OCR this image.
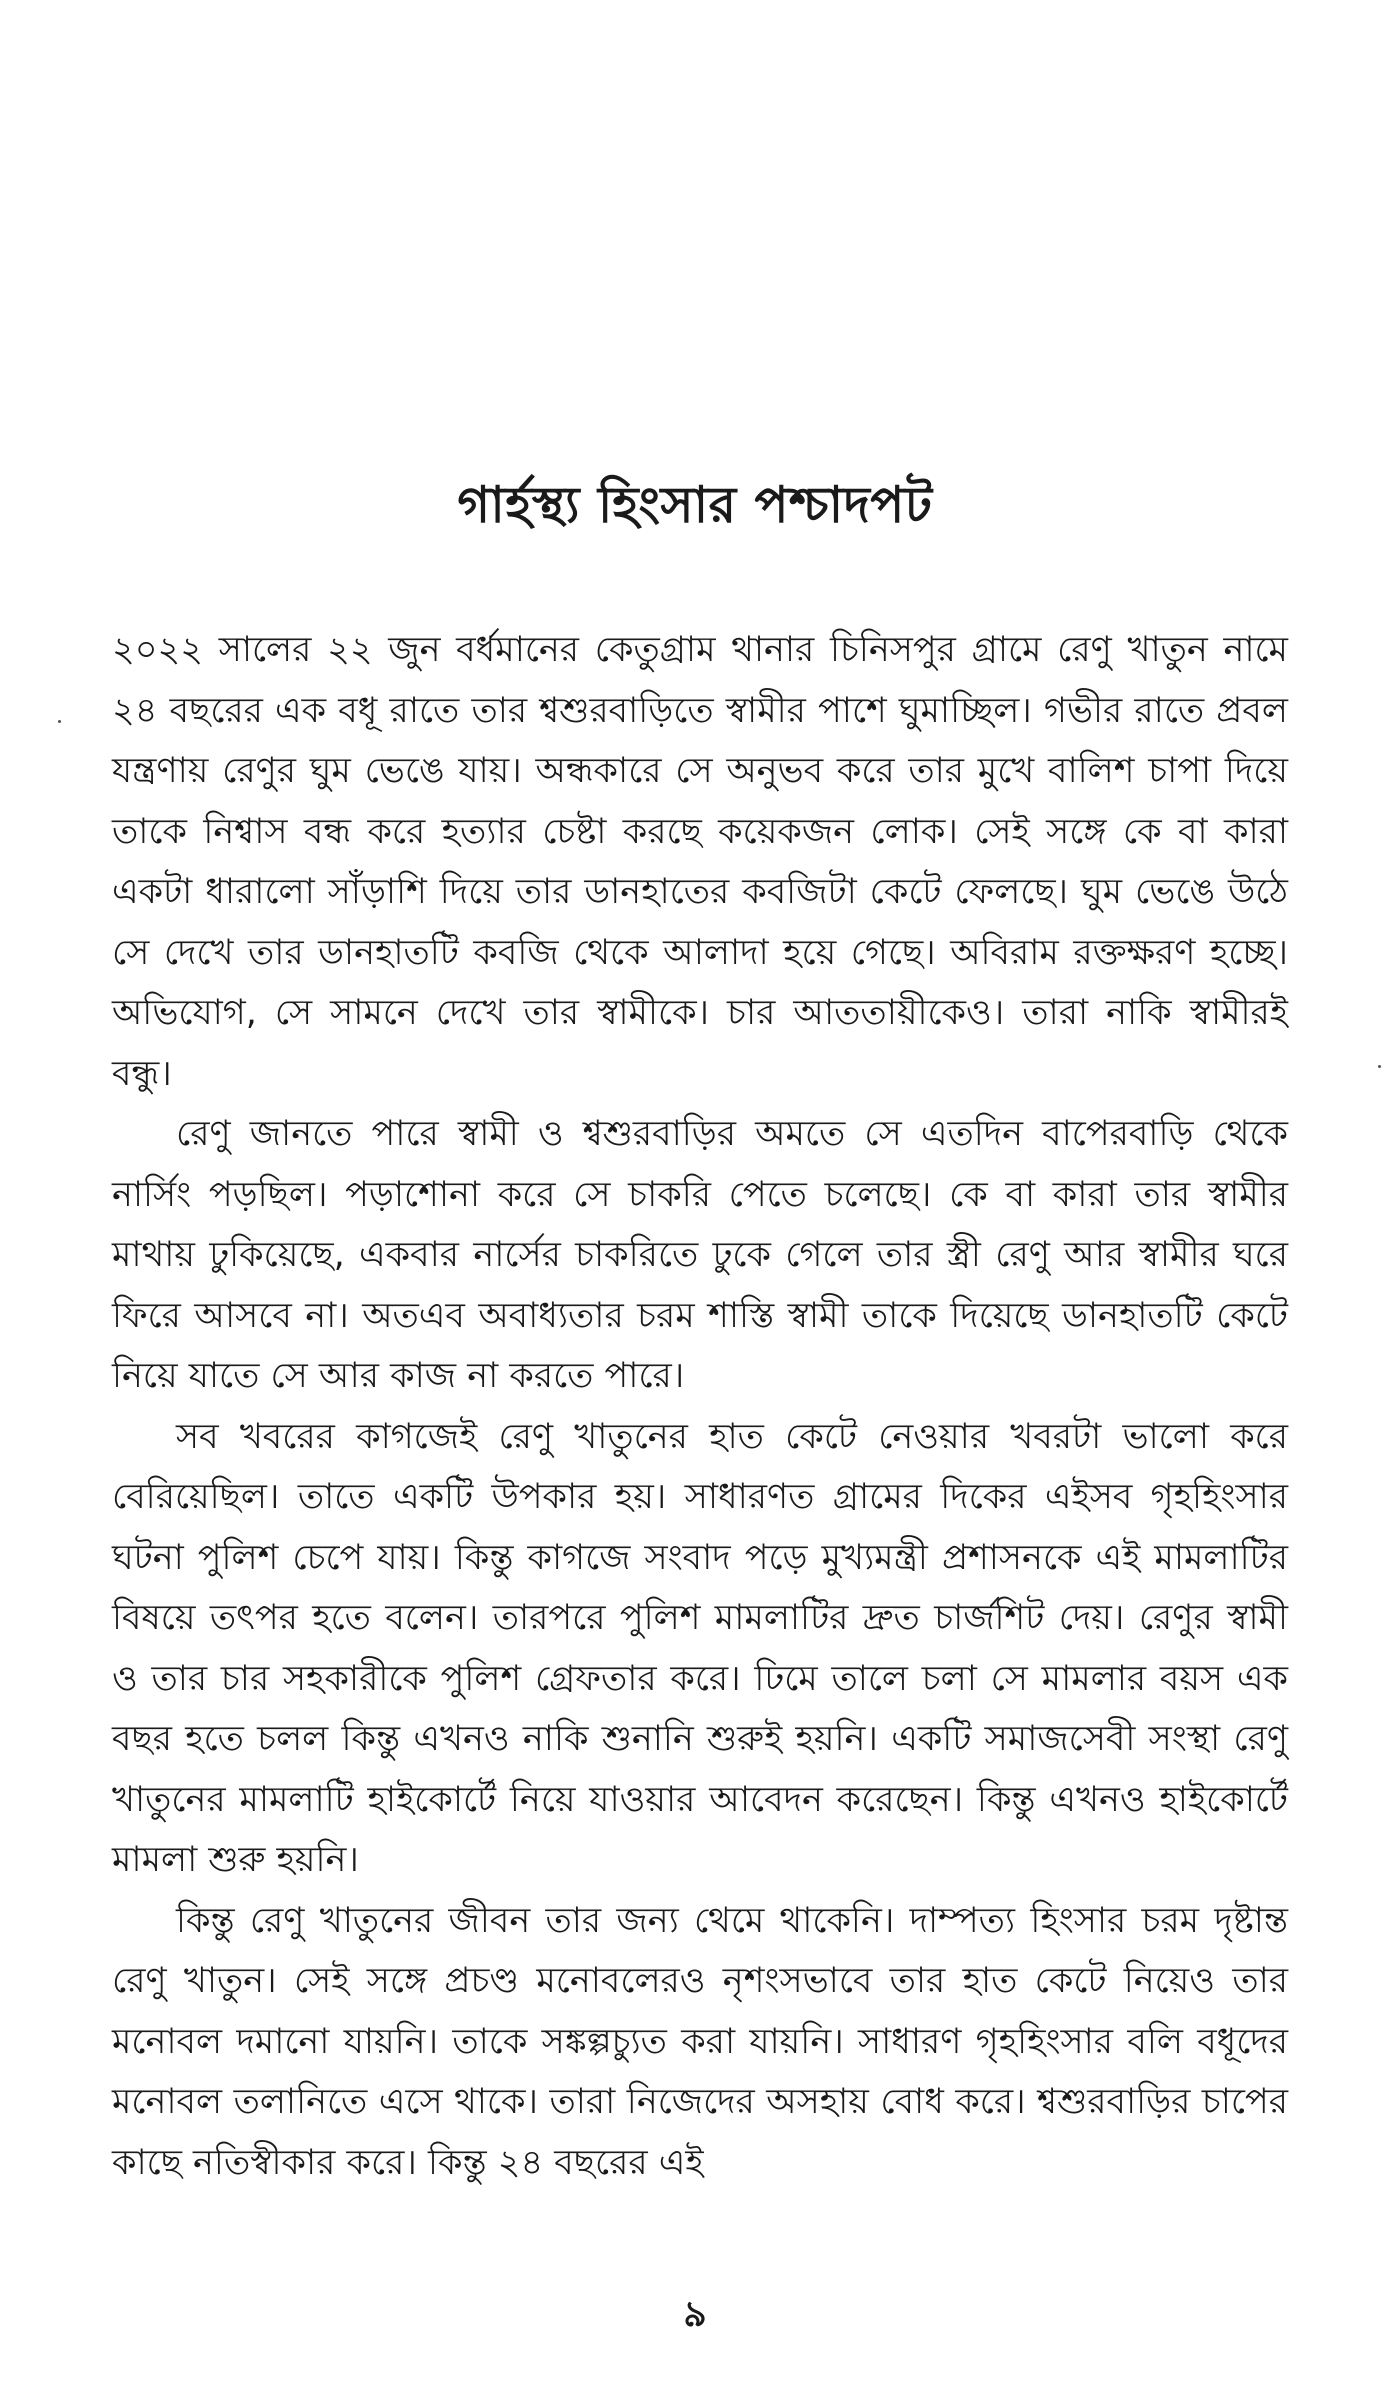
গার্হস্থ্য হিংসার পশ্চাদপট

২০২২ সালের ২২ জুন বর্ধমানের কেতুগ্রাম থানার চিনিসপুর গ্রামে রেণু খাতুন নামে ২৪ বছরের এক বধূ রাতে তার শ্বশুরবাড়িতে স্বামীর পাশে ঘুমাচ্ছিল। গভীর রাতে প্রবল যন্ত্রণায় রেণুর ঘুম ভেঙে যায়। অন্ধকারে সে অনুভব করে তার মুখে বালিশ চাপা দিয়ে তাকে নিশ্বাস বন্ধ করে হত্যার চেষ্টা করছে কয়েকজন লোক। সেই সঙ্গে কে বা কারা একটা ধারালো সাঁড়াশি দিয়ে তার ডানহাতের কবজিটা কেটে ফেলছে। ঘুম ভেঙে উঠে সে দেখে তার ডানহাতটি কবজি থেকে আলাদা হয়ে গেছে। অবিরাম রক্তক্ষরণ হচ্ছে। অভিযোগ, সে সামনে দেখে তার স্বামীকে। চার আততায়ীকেও। তারা নাকি স্বামীরই বন্ধু।

রেণু জানতে পারে স্বামী ও শ্বশুরবাড়ির অমতে সে এতদিন বাপেরবাড়ি থেকে নার্সিং পড়ছিল। পড়াশোনা করে সে চাকরি পেতে চলেছে। কে বা কারা তার স্বামীর মাথায় ঢুকিয়েছে, একবার নার্সের চাকরিতে ঢুকে গেলে তার স্ত্রী রেণু আর স্বামীর ঘরে ফিরে আসবে না। অতএব অবাধ্যতার চরম শাস্তি স্বামী তাকে দিয়েছে ডানহাতটি কেটে নিয়ে যাতে সে আর কাজ না করতে পারে।

সব খবরের কাগজেই রেণু খাতুনের হাত কেটে নেওয়ার খবরটা ভালো করে বেরিয়েছিল। তাতে একটি উপকার হয়। সাধারণত গ্রামের দিকের এইসব গৃহহিংসার ঘটনা পুলিশ চেপে যায়। কিন্তু কাগজে সংবাদ পড়ে মুখ্যমন্ত্রী প্রশাসনকে এই মামলাটির বিষয়ে তৎপর হতে বলেন। তারপরে পুলিশ মামলাটির দ্রুত চার্জশিট দেয়। রেণুর স্বামী ও তার চার সহকারীকে পুলিশ গ্রেফতার করে। ঢিমে তালে চলা সে মামলার বয়স এক বছর হতে চলল কিন্তু এখনও নাকি শুনানি শুরুই হয়নি। একটি সমাজসেবী সংস্থা রেণু খাতুনের মামলাটি হাইকোর্টে নিয়ে যাওয়ার আবেদন করেছেন। কিন্তু এখনও হাইকোর্টে মামলা শুরু হয়নি।

কিন্তু রেণু খাতুনের জীবন তার জন্য থেমে থাকেনি। দাম্পত্য হিংসার চরম দৃষ্টান্ত রেণু খাতুন। সেই সঙ্গে প্রচণ্ড মনোবলেরও নৃশংসভাবে তার হাত কেটে নিয়েও তার মনোবল দমানো যায়নি। তাকে সঙ্কল্পচ্যুত করা যায়নি। সাধারণ গৃহহিংসার বলি বধূদের মনোবল তলানিতে এসে থাকে। তারা নিজেদের অসহায় বোধ করে। শ্বশুরবাড়ির চাপের কাছে নতিস্বীকার করে। কিন্তু ২৪ বছরের এই

৯
